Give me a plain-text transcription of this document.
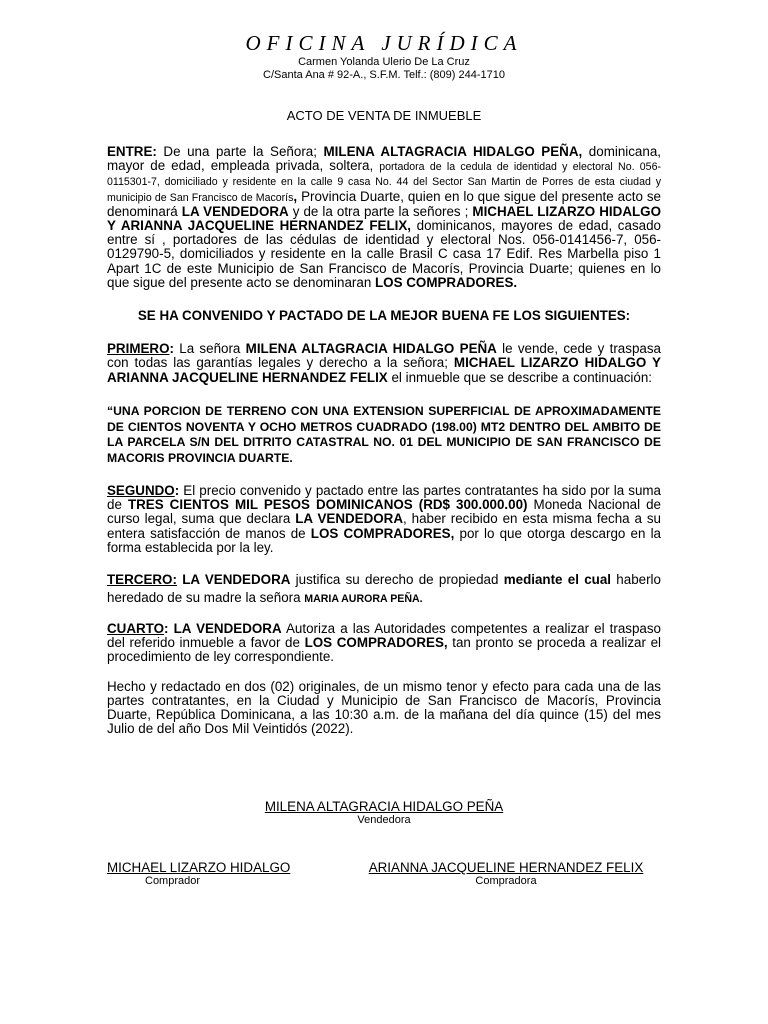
OFICINA JURÍDICA
Carmen Yolanda Ulerio De La Cruz
C/Santa Ana # 92-A., S.F.M. Telf.: (809) 244-1710
ACTO DE VENTA DE INMUEBLE

ENTRE: De una parte la Señora; MILENA ALTAGRACIA HIDALGO PEÑA, dominicana, mayor de edad, empleada privada, soltera, portadora de la cedula de identidad y electoral No. 056-0115301-7, domiciliado y residente en la calle 9 casa No. 44 del Sector San Martin de Porres de esta ciudad y municipio de San Francisco de Macorís, Provincia Duarte, quien en lo que sigue del presente acto se denominará LA VENDEDORA y de la otra parte la señores ; MICHAEL LIZARZO HIDALGO Y ARIANNA JACQUELINE HERNANDEZ FELIX, dominicanos, mayores de edad, casado entre sí , portadores de las cédulas de identidad y electoral Nos. 056-0141456-7, 056-0129790-5, domiciliados y residente en la calle Brasil C casa 17 Edif. Res Marbella piso 1 Apart 1C de este Municipio de San Francisco de Macorís, Provincia Duarte; quienes en lo que sigue del presente acto se denominaran LOS COMPRADORES.

SE HA CONVENIDO Y PACTADO DE LA MEJOR BUENA FE LOS SIGUIENTES:

PRIMERO: La señora MILENA ALTAGRACIA HIDALGO PEÑA le vende, cede y traspasa con todas las garantías legales y derecho a la señora; MICHAEL LIZARZO HIDALGO Y ARIANNA JACQUELINE HERNANDEZ FELIX el inmueble que se describe a continuación:

“UNA PORCION DE TERRENO CON UNA EXTENSION SUPERFICIAL DE APROXIMADAMENTE DE CIENTOS NOVENTA Y OCHO METROS CUADRADO (198.00) MT2 DENTRO DEL AMBITO DE LA PARCELA S/N DEL DITRITO CATASTRAL NO. 01 DEL MUNICIPIO DE SAN FRANCISCO DE MACORIS PROVINCIA DUARTE.

SEGUNDO: El precio convenido y pactado entre las partes contratantes ha sido por la suma de TRES CIENTOS MIL PESOS DOMINICANOS (RD$ 300.000.00) Moneda Nacional de curso legal, suma que declara LA VENDEDORA, haber recibido en esta misma fecha a su entera satisfacción de manos de LOS COMPRADORES, por lo que otorga descargo en la forma establecida por la ley.

TERCERO: LA VENDEDORA justifica su derecho de propiedad mediante el cual haberlo heredado de su madre la señora MARIA AURORA PEÑA.

CUARTO: LA VENDEDORA Autoriza a las Autoridades competentes a realizar el traspaso del referido inmueble a favor de LOS COMPRADORES, tan pronto se proceda a realizar el procedimiento de ley correspondiente.

Hecho y redactado en dos (02) originales, de un mismo tenor y efecto para cada una de las partes contratantes, en la Ciudad y Municipio de San Francisco de Macorís, Provincia Duarte, República Dominicana, a las 10:30 a.m. de la mañana del día quince (15) del mes Julio de del año Dos Mil Veintidós (2022).

MILENA ALTAGRACIA HIDALGO PEÑA
Vendedora
MICHAEL LIZARZO HIDALGO
Comprador
ARIANNA JACQUELINE HERNANDEZ FELIX
Compradora
